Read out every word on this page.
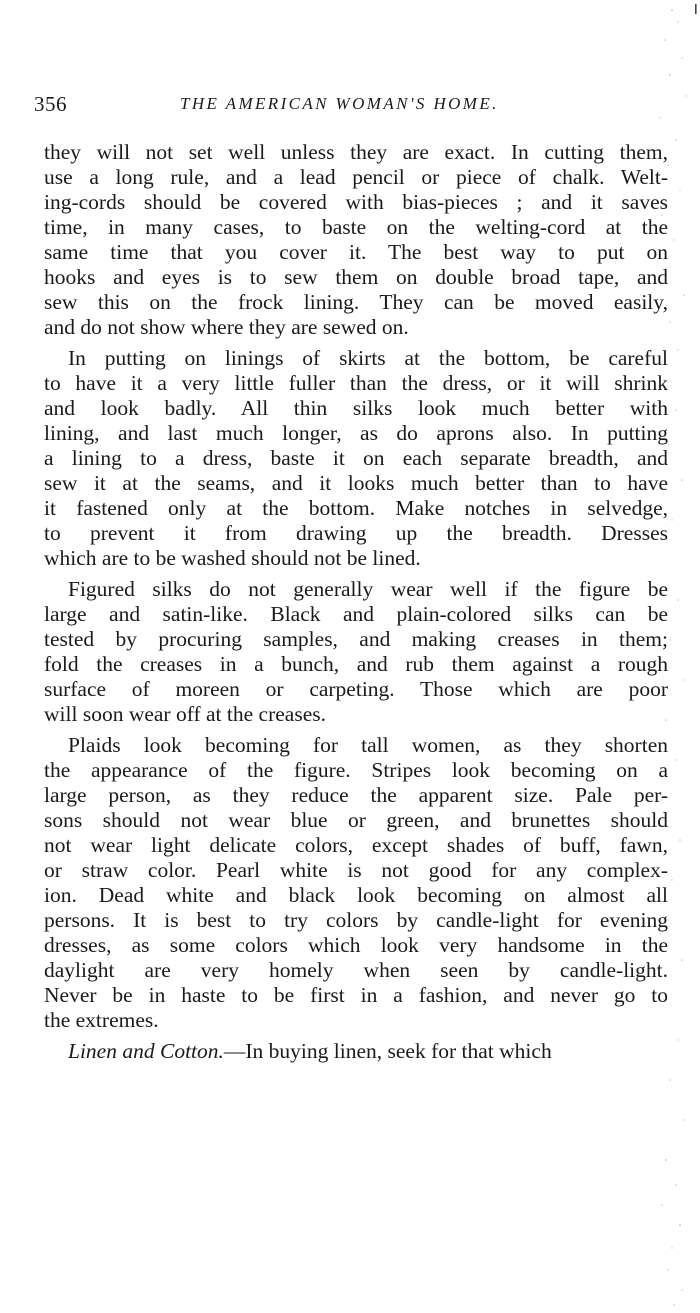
356	THE AMERICAN WOMAN'S HOME.
they will not set well unless they are exact. In cutting them,
use a long rule, and a lead pencil or piece of chalk. Welt-
ing-cords should be covered with bias-pieces ; and it saves
time, in many cases, to baste on the welting-cord at the
same time that you cover it. The best way to put on
hooks and eyes is to sew them on double broad tape, and
sew this on the frock lining. They can be moved easily,
and do not show where they are sewed on.
In putting on linings of skirts at the bottom, be careful
to have it a very little fuller than the dress, or it will shrink
and look badly. All thin silks look much better with
lining, and last much longer, as do aprons also. In putting
a lining to a dress, baste it on each separate breadth, and
sew it at the seams, and it looks much better than to have
it fastened only at the bottom. Make notches in selvedge,
to prevent it from drawing up the breadth. Dresses
which are to be washed should not be lined.
Figured silks do not generally wear well if the figure be
large and satin-like. Black and plain-colored silks can be
tested by procuring samples, and making creases in them;
fold the creases in a bunch, and rub them against a rough
surface of moreen or carpeting. Those which are poor
will soon wear off at the creases.
Plaids look becoming for tall women, as they shorten
the appearance of the figure. Stripes look becoming on a
large person, as they reduce the apparent size. Pale per-
sons should not wear blue or green, and brunettes should
not wear light delicate colors, except shades of buff, fawn,
or straw color. Pearl white is not good for any complex-
ion. Dead white and black look becoming on almost all
persons. It is best to try colors by candle-light for evening
dresses, as some colors which look very handsome in the
daylight are very homely when seen by candle-light.
Never be in haste to be first in a fashion, and never go to
the extremes.
Linen and Cotton.—In buying linen, seek for that which
